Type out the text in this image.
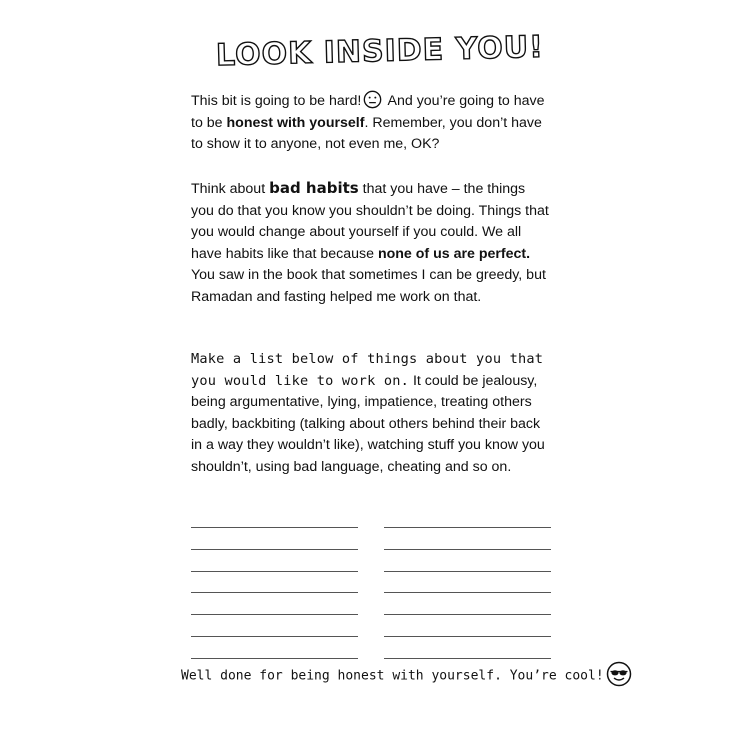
LOOK INSIDE YOU!

This bit is going to be hard! And you’re going to have to be honest with yourself. Remember, you don’t have to show it to anyone, not even me, OK?

Think about bad habits that you have – the things you do that you know you shouldn’t be doing. Things that you would change about yourself if you could. We all have habits like that because none of us are perfect. You saw in the book that sometimes I can be greedy, but Ramadan and fasting helped me work on that.

Make a list below of things about you that you would like to work on. It could be jealousy, being argumentative, lying, impatience, treating others badly, backbiting (talking about others behind their back in a way they wouldn’t like), watching stuff you know you shouldn’t, using bad language, cheating and so on.

Well done for being honest with yourself. You’re cool!
